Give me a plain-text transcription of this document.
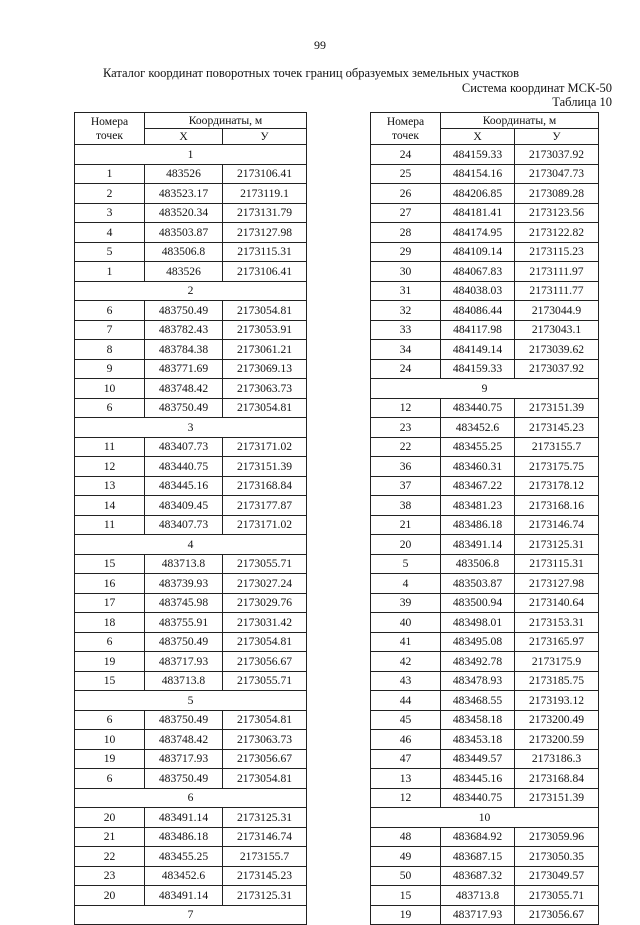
99
Каталог координат поворотных точек границ образуемых земельных участков
Система координат МСК-50
Таблица 10
Номера
точек	Координаты, м	
	X	У
1		
1	483526	2173106.41
2	483523.17	2173119.1
3	483520.34	2173131.79
4	483503.87	2173127.98
5	483506.8	2173115.31
1	483526	2173106.41
2		
6	483750.49	2173054.81
7	483782.43	2173053.91
8	483784.38	2173061.21
9	483771.69	2173069.13
10	483748.42	2173063.73
6	483750.49	2173054.81
3		
11	483407.73	2173171.02
12	483440.75	2173151.39
13	483445.16	2173168.84
14	483409.45	2173177.87
11	483407.73	2173171.02
4		
15	483713.8	2173055.71
16	483739.93	2173027.24
17	483745.98	2173029.76
18	483755.91	2173031.42
6	483750.49	2173054.81
19	483717.93	2173056.67
15	483713.8	2173055.71
5		
6	483750.49	2173054.81
10	483748.42	2173063.73
19	483717.93	2173056.67
6	483750.49	2173054.81
6		
20	483491.14	2173125.31
21	483486.18	2173146.74
22	483455.25	2173155.7
23	483452.6	2173145.23
20	483491.14	2173125.31
7		
Номера
точек	Координаты, м	
	X	У
24	484159.33	2173037.92
25	484154.16	2173047.73
26	484206.85	2173089.28
27	484181.41	2173123.56
28	484174.95	2173122.82
29	484109.14	2173115.23
30	484067.83	2173111.97
31	484038.03	2173111.77
32	484086.44	2173044.9
33	484117.98	2173043.1
34	484149.14	2173039.62
24	484159.33	2173037.92
9		
12	483440.75	2173151.39
23	483452.6	2173145.23
22	483455.25	2173155.7
36	483460.31	2173175.75
37	483467.22	2173178.12
38	483481.23	2173168.16
21	483486.18	2173146.74
20	483491.14	2173125.31
5	483506.8	2173115.31
4	483503.87	2173127.98
39	483500.94	2173140.64
40	483498.01	2173153.31
41	483495.08	2173165.97
42	483492.78	2173175.9
43	483478.93	2173185.75
44	483468.55	2173193.12
45	483458.18	2173200.49
46	483453.18	2173200.59
47	483449.57	2173186.3
13	483445.16	2173168.84
12	483440.75	2173151.39
10		
48	483684.92	2173059.96
49	483687.15	2173050.35
50	483687.32	2173049.57
15	483713.8	2173055.71
19	483717.93	2173056.67
